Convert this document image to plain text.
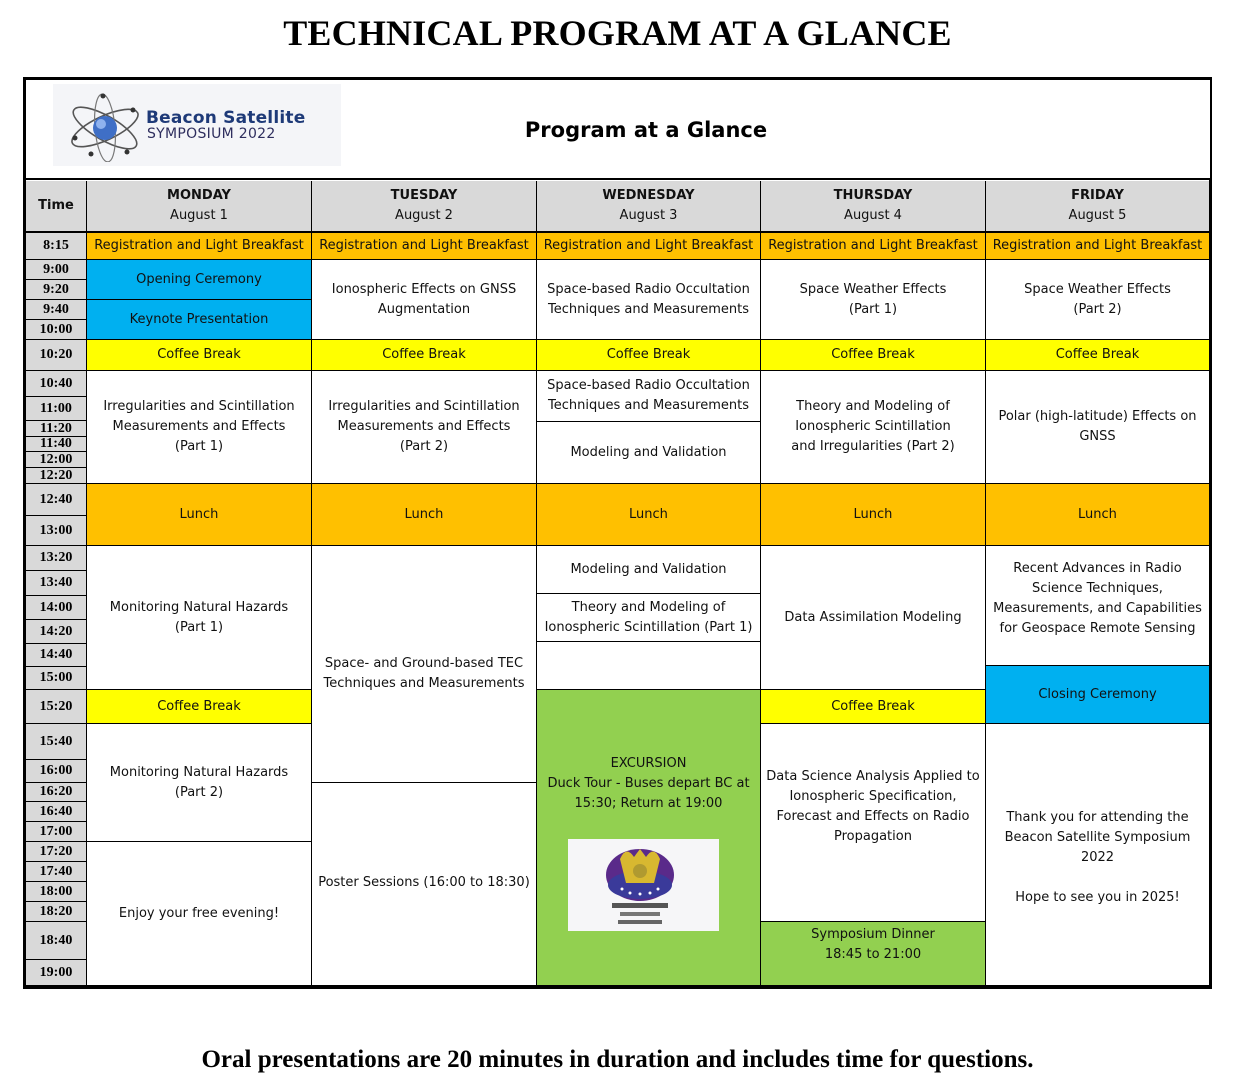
TECHNICAL PROGRAM AT A GLANCE
Beacon Satellite
SYMPOSIUM 2022	Program at a Glance
Time
MONDAY
August 1
TUESDAY
August 2
WEDNESDAY
August 3
THURSDAY
August 4
FRIDAY
August 5
8:15
9:00
9:20
9:40
10:00
10:20
10:40
11:00
11:20
11:40
12:00
12:20
12:40
13:00
13:20
13:40
14:00
14:20
14:40
15:00
15:20
15:40
16:00
16:20
16:40
17:00
17:20
17:40
18:00
18:20
18:40
19:00
Registration and Light Breakfast
Opening Ceremony
Keynote Presentation
Coffee Break
Irregularities and Scintillation
Measurements and Effects
(Part 1)
Lunch
Monitoring Natural Hazards
(Part 1)
Coffee Break
Monitoring Natural Hazards
(Part 2)
Enjoy your free evening!
Registration and Light Breakfast
Ionospheric Effects on GNSS
Augmentation
Coffee Break
Irregularities and Scintillation
Measurements and Effects
(Part 2)
Lunch
Space- and Ground-based TEC
Techniques and Measurements
Poster Sessions (16:00 to 18:30)
Registration and Light Breakfast
Space-based Radio Occultation
Techniques and Measurements
Coffee Break
Space-based Radio Occultation
Techniques and Measurements
Modeling and Validation
Lunch
Modeling and Validation
Theory and Modeling of
Ionospheric Scintillation (Part 1)
EXCURSION
Duck Tour - Buses depart BC at
15:30; Return at 19:00
Registration and Light Breakfast
Space Weather Effects
(Part 1)
Coffee Break
Theory and Modeling of
Ionospheric Scintillation
and Irregularities (Part 2)
Lunch
Data Assimilation Modeling
Coffee Break
Data Science Analysis Applied to
Ionospheric Specification,
Forecast and Effects on Radio
Propagation
Symposium Dinner
18:45 to 21:00
Registration and Light Breakfast
Space Weather Effects
(Part 2)
Coffee Break
Polar (high-latitude) Effects on
GNSS
Lunch
Recent Advances in Radio
Science Techniques,
Measurements, and Capabilities
for Geospace Remote Sensing
Closing Ceremony
Thank you for attending the
Beacon Satellite Symposium 2022

Hope to see you in 2025!
Oral presentations are 20 minutes in duration and includes time for questions.
